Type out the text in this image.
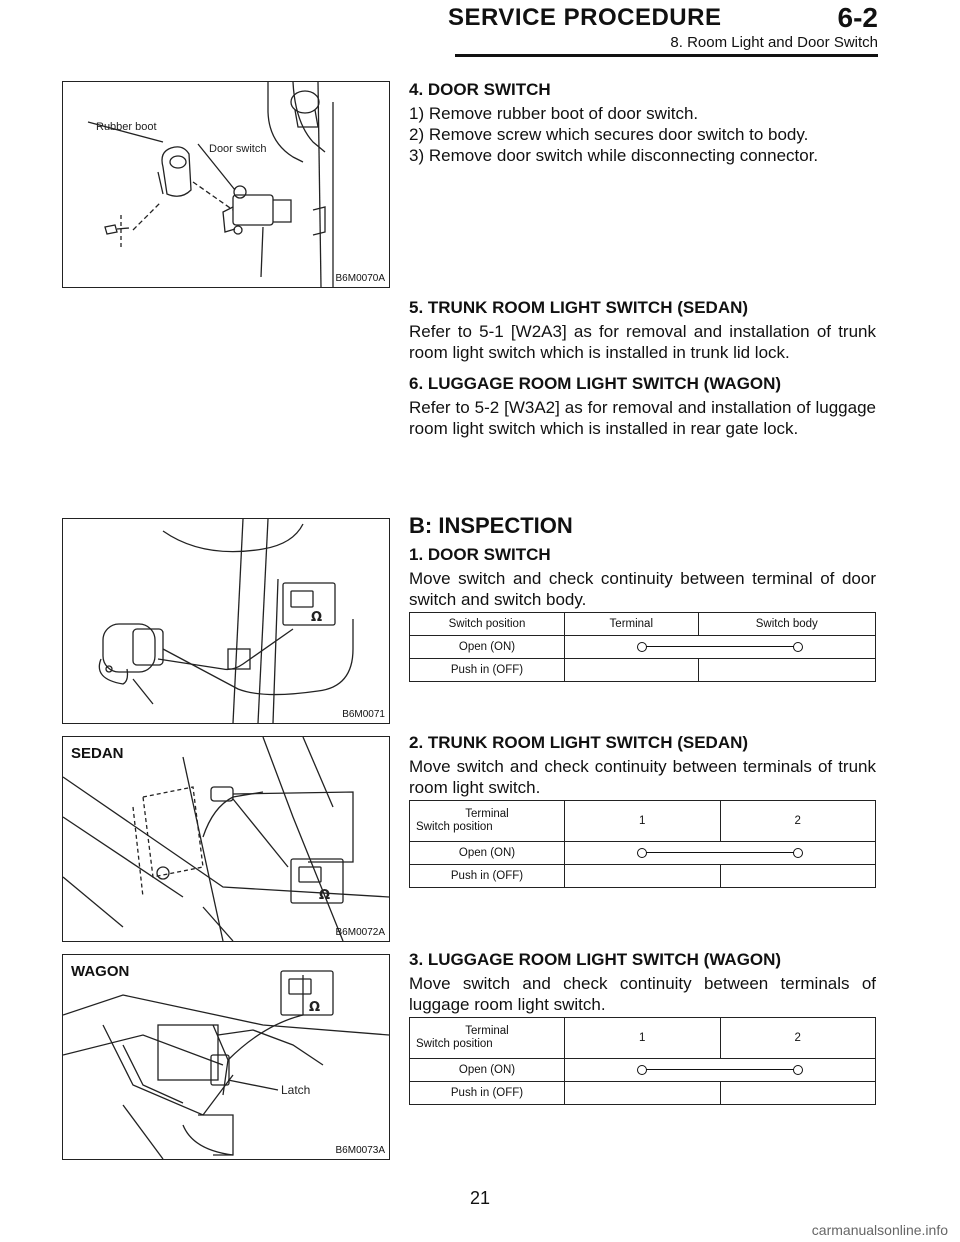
SERVICE PROCEDURE	6-2
8. Room Light and Door Switch
Rubber boot
Door switch
B6M0070A
4. DOOR SWITCH
1) Remove rubber boot of door switch.
2) Remove screw which secures door switch to body.
3) Remove door switch while disconnecting connector.
5. TRUNK ROOM LIGHT SWITCH (SEDAN)
Refer to 5-1 [W2A3] as for removal and installation of trunk room light switch which is installed in trunk lid lock.
6. LUGGAGE ROOM LIGHT SWITCH (WAGON)
Refer to 5-2 [W3A2] as for removal and installation of luggage room light switch which is installed in rear gate lock.
Ω
B6M0071
B: INSPECTION
1. DOOR SWITCH
Move switch and check continuity between terminal of door switch and switch body.
Switch position	Terminal	Switch body
Open (ON)		

Push in (OFF)		
Ω
SEDAN
B6M0072A
2. TRUNK ROOM LIGHT SWITCH (SEDAN)
Move switch and check continuity between terminals of trunk room light switch.
Terminal
Switch position	1	2
Open (ON)		

Push in (OFF)		
Ω
Latch
WAGON
B6M0073A
3. LUGGAGE ROOM LIGHT SWITCH (WAGON)
Move switch and check continuity between terminals of luggage room light switch.
Terminal
Switch position	1	2
Open (ON)		

Push in (OFF)		
21
carmanualsonline.info
